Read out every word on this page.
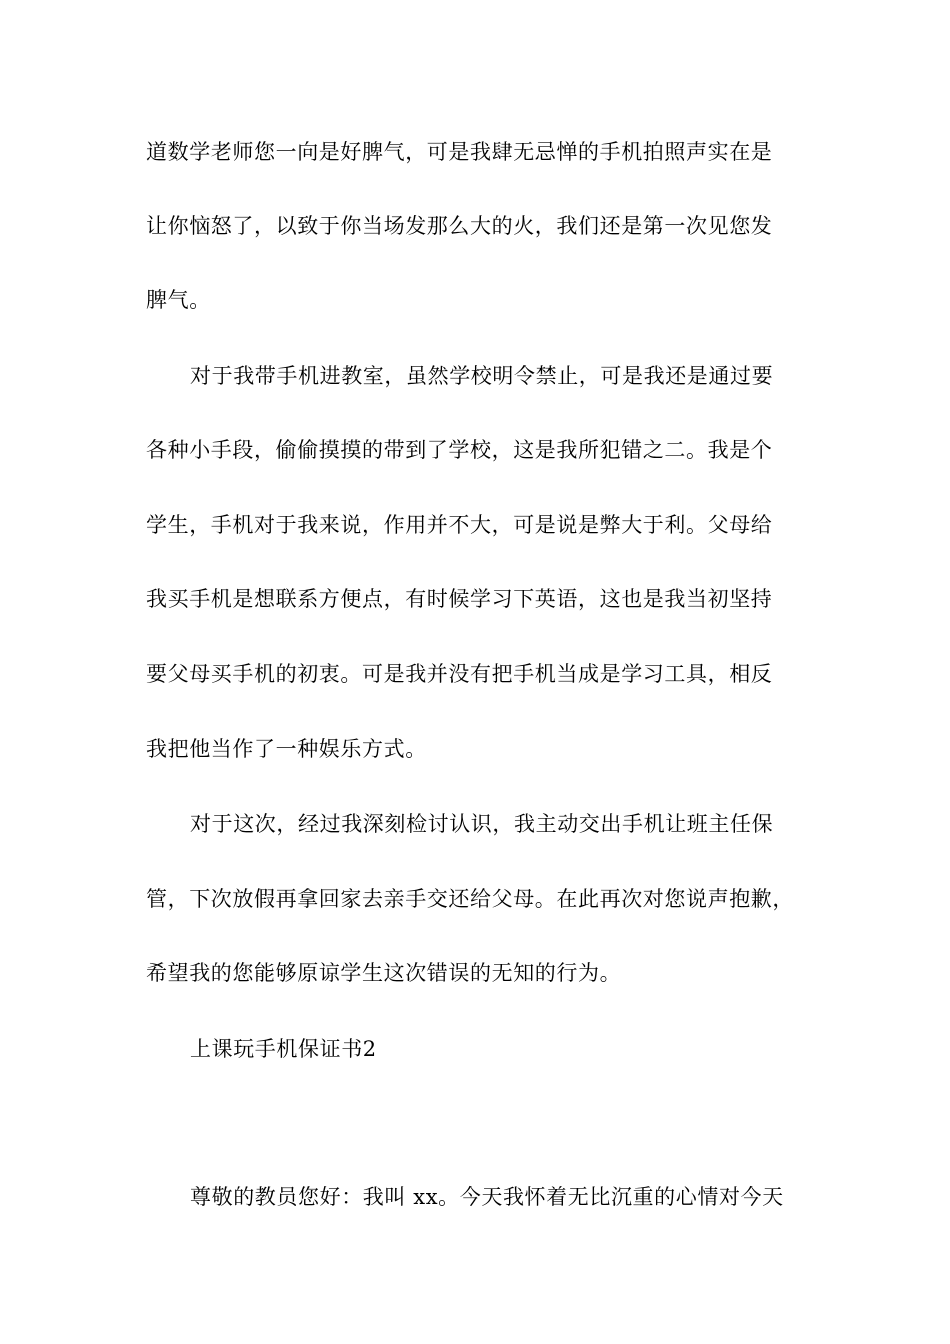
道数学老师您一向是好脾气，可是我肆无忌惮的手机拍照声实在是
让你恼怒了，以致于你当场发那么大的火，我们还是第一次见您发
脾气。
对于我带手机进教室，虽然学校明令禁止，可是我还是通过要
各种小手段，偷偷摸摸的带到了学校，这是我所犯错之二。我是个
学生，手机对于我来说，作用并不大，可是说是弊大于利。父母给
我买手机是想联系方便点，有时候学习下英语，这也是我当初坚持
要父母买手机的初衷。可是我并没有把手机当成是学习工具，相反
我把他当作了一种娱乐方式。
对于这次，经过我深刻检讨认识，我主动交出手机让班主任保
管，下次放假再拿回家去亲手交还给父母。在此再次对您说声抱歉，
希望我的您能够原谅学生这次错误的无知的行为。
上课玩手机保证书2
尊敬的教员您好：我叫 xx。今天我怀着无比沉重的心情对今天
